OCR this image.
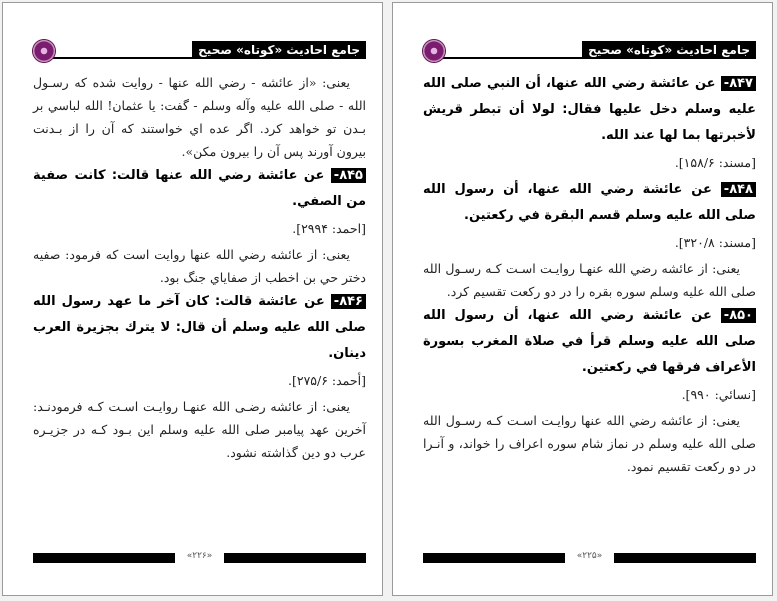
جامع احادیث «کوتاه» صحیح

یعنی: «از عائشه - رضي الله عنها - روایت شده که رسـول الله - صلی الله عليه وآله وسلم - گفت: یا عثمان! الله لباسي بر بـدن تو خواهد کرد. اگر عده اي خواستند که آن را از بـدنت بیرون آورند پس آن را بیرون مکن».

۸۴۵- عن عائشة رضي الله عنها قالت: كانت صفية من الصفي.

[احمد: ۲۹۹۴].

یعنی: از عائشه رضي الله عنها روایت است که فرمود: صفیه دختر حي بن اخطب از صفایاي جنگ بود.

۸۴۶- عن عائشة قالت: كان آخر ما عهد رسول الله صلى الله عليه وسلم أن قال: لا يترك بجزيرة العرب دينان.

[أحمد: ۲۷۵/۶].

یعنی: از عائشه رضـی الله عنهـا روایـت اسـت کـه فرمودنـد: آخرین عهد پیامبر صلی الله علیه وسلم این بـود کـه در جزیـره عرب دو دین گذاشته نشود.

«۲۲۶»
جامع احادیث «کوتاه» صحیح

۸۴۷- عن عائشة رضي الله عنها، أن النبي صلى الله عليه وسلم دخل عليها فقال: لولا أن تبطر قريش لأخبرتها بما لها عند الله.

[مسند: ۱۵۸/۶].

۸۴۸- عن عائشة رضي الله عنها، أن رسول الله صلى الله عليه وسلم قسم البقرة في ركعتين.

[مسند: ۳۲۰/۸].

یعنی: از عائشه رضي الله عنهـا روایـت اسـت کـه رسـول الله صلی الله علیه وسلم سوره بقره را در دو رکعت تقسیم کرد.

۸۵۰- عن عائشة رضي الله عنها، أن رسول الله صلى الله عليه وسلم قرأ في صلاة المغرب بسورة الأعراف فرقها في ركعتين.

[نسائي: ۹۹۰].

یعنی: از عائشه رضي الله عنها روایـت اسـت کـه رسـول الله صلی الله علیه وسلم در نماز شام سوره اعراف را خواند، و آنـرا در دو رکعت تقسیم نمود.

«۲۲۵»
